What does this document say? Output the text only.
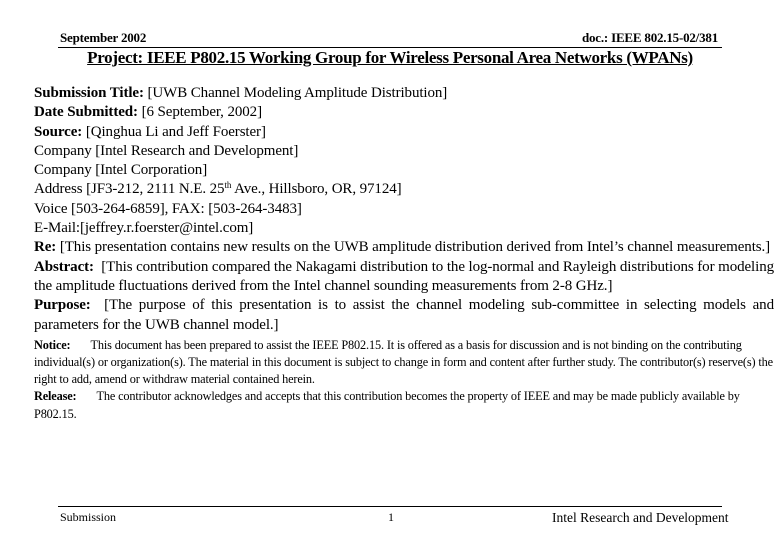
September 2002	doc.: IEEE 802.15-02/381
Project: IEEE P802.15 Working Group for Wireless Personal Area Networks (WPANs)

Submission Title: [UWB Channel Modeling Amplitude Distribution]

Date Submitted: [6 September, 2002]

Source: [Qinghua Li and Jeff Foerster]

Company [Intel Research and Development]

Company [Intel Corporation]

Address [JF3-212, 2111 N.E. 25th Ave., Hillsboro, OR, 97124]

Voice [503-264-6859], FAX: [503-264-3483]

E-Mail:[jeffrey.r.foerster@intel.com]

Re: [This presentation contains new results on the UWB amplitude distribution derived from Intel’s channel measurements.]

Abstract: [This contribution compared the Nakagami distribution to the log-normal and Rayleigh distributions for modeling the amplitude fluctuations derived from the Intel channel sounding measurements from 2-8 GHz.]

Purpose: [The purpose of this presentation is to assist the channel modeling sub-committee in selecting models and parameters for the UWB channel model.]

Notice: This document has been prepared to assist the IEEE P802.15. It is offered as a basis for discussion and is not binding on the contributing individual(s) or organization(s). The material in this document is subject to change in form and content after further study. The contributor(s) reserve(s) the right to add, amend or withdraw material contained herein.

Release: The contributor acknowledges and accepts that this contribution becomes the property of IEEE and may be made publicly available by P802.15.

Submission	1	Intel Research and Development
